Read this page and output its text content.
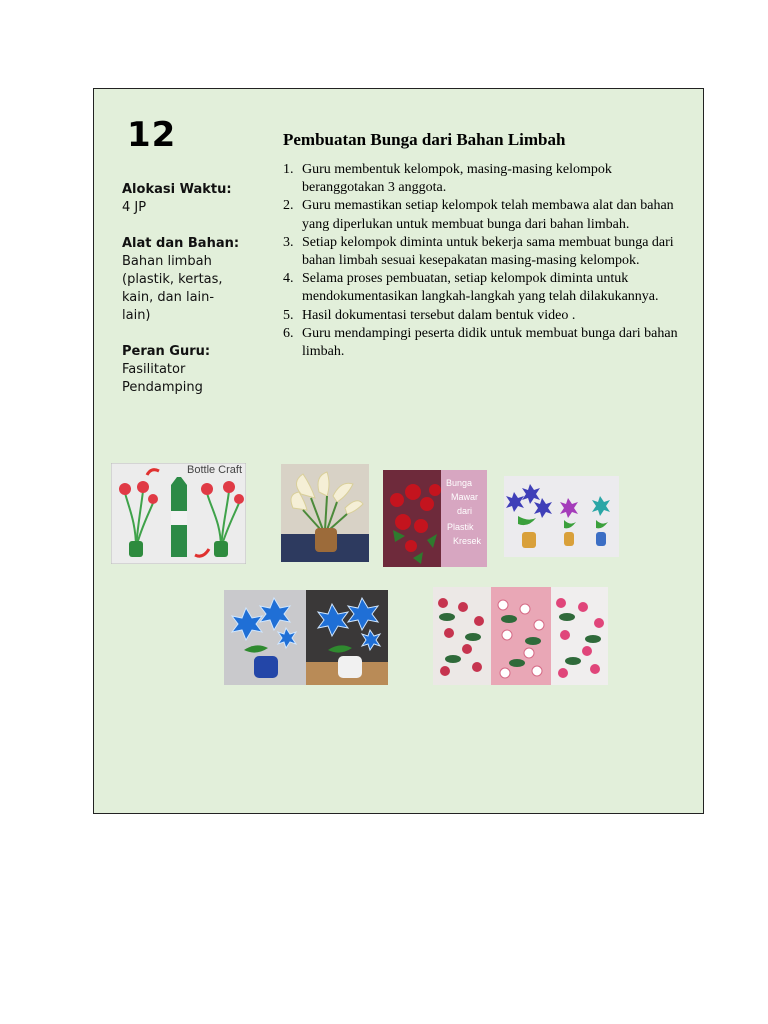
12
Alokasi Waktu:
4 JP
Alat dan Bahan:
Bahan limbah (plastik, kertas, kain, dan lain-lain)
Peran Guru:
Fasilitator
Pendamping
Pembuatan Bunga dari Bahan Limbah
1. Guru membentuk kelompok, masing-masing kelompok beranggotakan 3 anggota.
2. Guru memastikan setiap kelompok telah membawa alat dan bahan yang diperlukan untuk membuat bunga dari bahan limbah.
3. Setiap kelompok diminta untuk bekerja sama membuat bunga dari bahan limbah sesuai kesepakatan masing-masing kelompok.
4. Selama proses pembuatan, setiap kelompok diminta untuk mendokumentasikan langkah-langkah yang telah dilakukannya.
5. Hasil dokumentasi tersebut dalam bentuk video .
6. Guru mendampingi peserta didik untuk membuat bunga dari bahan limbah.
Bottle Craft
Bunga
Mawar
dari
Plastik
Kresek
